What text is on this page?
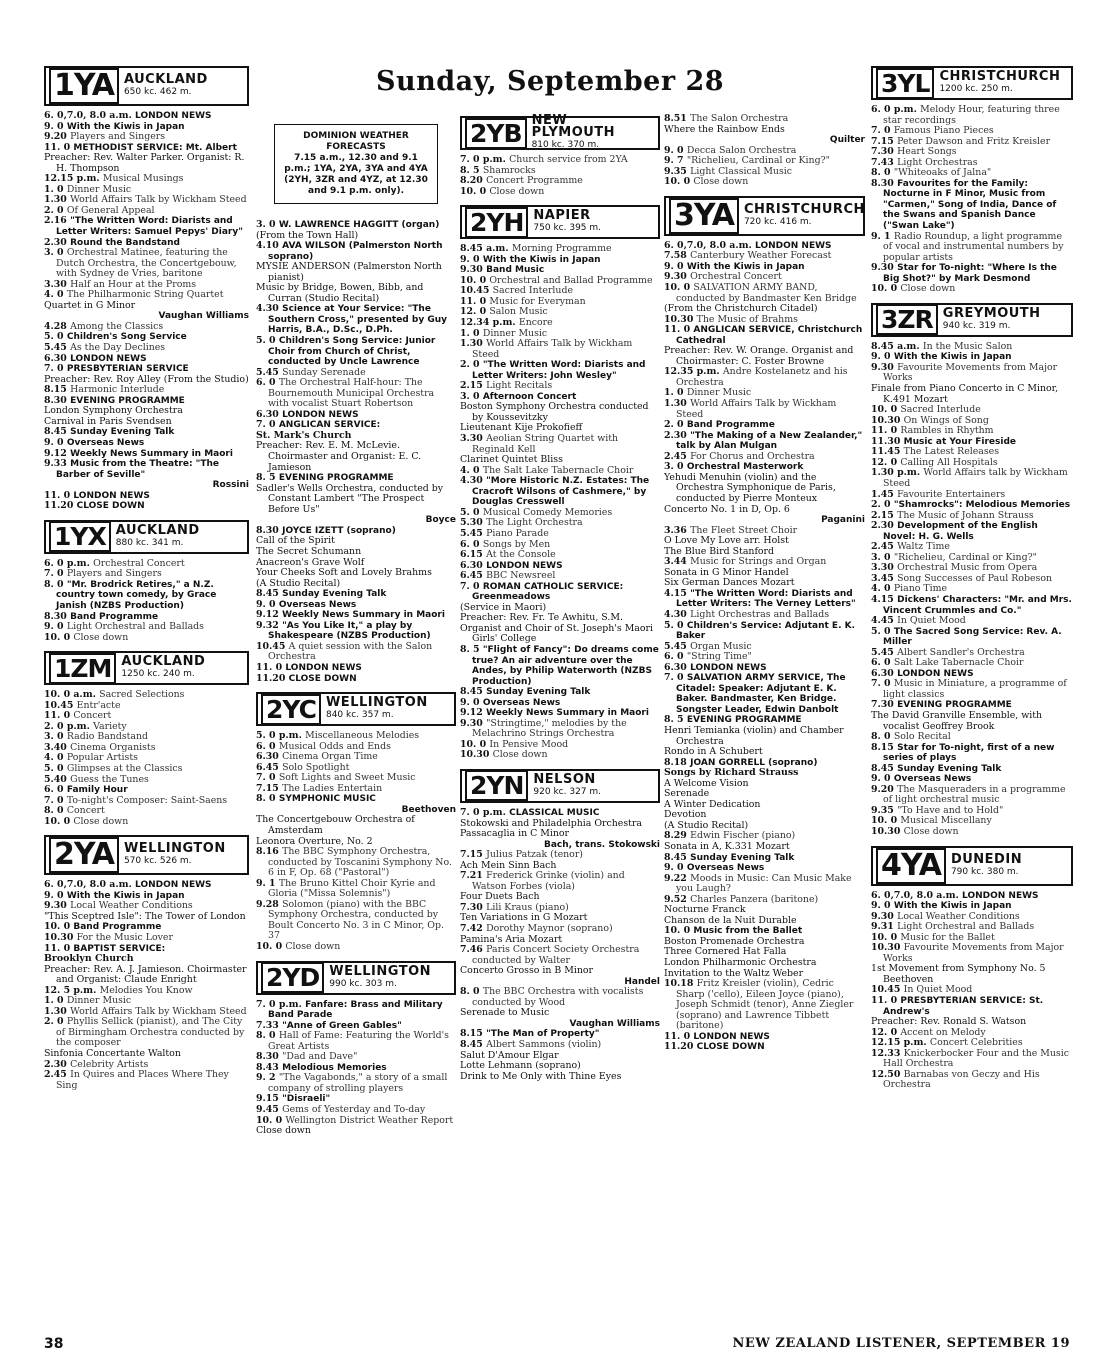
Sunday, September 28
1YA AUCKLAND
650 kc. 462 m.
6. 0,7.0, 8.0 a.m. LONDON NEWS
9. 0 With the Kiwis in Japan
9.20 Players and Singers
11. 0 METHODIST SERVICE: Mt. Albert
Preacher: Rev. Walter Parker. Organist: R. H. Thompson
12.15 p.m. Musical Musings
1. 0 Dinner Music
1.30 World Affairs Talk by Wickham Steed
2. 0 Of General Appeal
2.16 "The Written Word: Diarists and Letter Writers: Samuel Pepys' Diary"
2.30 Round the Bandstand
3. 0 Orchestral Matinee, featuring the Dutch Orchestra, the Concertgebouw, with Sydney de Vries, baritone
3.30 Half an Hour at the Proms
4. 0 The Philharmonic String Quartet
Quartet in G Minor
Vaughan Williams
4.28 Among the Classics
5. 0 Children's Song Service
5.45 As the Day Declines
6.30 LONDON NEWS
7. 0 PRESBYTERIAN SERVICE
Preacher: Rev. Roy Alley (From the Studio)
8.15 Harmonic Interlude
8.30 EVENING PROGRAMME
London Symphony Orchestra
Carnival in Paris Svendsen
8.45 Sunday Evening Talk
9. 0 Overseas News
9.12 Weekly News Summary in Maori
9.33 Music from the Theatre: "The Barber of Seville"
Rossini
11. 0 LONDON NEWS
11.20 CLOSE DOWN
1YX AUCKLAND
880 kc. 341 m.
6. 0 p.m. Orchestral Concert
7. 0 Players and Singers
8. 0 "Mr. Brodrick Retires," a N.Z. country town comedy, by Grace Janish (NZBS Production)
8.30 Band Programme
9. 0 Light Orchestral and Ballads
10. 0 Close down
1ZM AUCKLAND
1250 kc. 240 m.
10. 0 a.m. Sacred Selections
10.45 Entr'acte
11. 0 Concert
2. 0 p.m. Variety
3. 0 Radio Bandstand
3.40 Cinema Organists
4. 0 Popular Artists
5. 0 Glimpses at the Classics
5.40 Guess the Tunes
6. 0 Family Hour
7. 0 To-night's Composer: Saint-Saens
8. 0 Concert
10. 0 Close down
2YA WELLINGTON
570 kc. 526 m.
6. 0,7.0, 8.0 a.m. LONDON NEWS
9. 0 With the Kiwis in Japan
9.30 Local Weather Conditions
"This Sceptred Isle": The Tower of London
10. 0 Band Programme
10.30 For the Music Lover
11. 0 BAPTIST SERVICE:
Brooklyn Church
Preacher: Rev. A. J. Jamieson. Choirmaster and Organist: Claude Enright
12. 5 p.m. Melodies You Know
1. 0 Dinner Music
1.30 World Affairs Talk by Wickham Steed
2. 0 Phyllis Sellick (pianist), and The City of Birmingham Orchestra conducted by the composer
Sinfonia Concertante Walton
2.30 Celebrity Artists
2.45 In Quires and Places Where They Sing
DOMINION WEATHER FORECASTS
7.15 a.m., 12.30 and 9.1 p.m.; 1YA, 2YA, 3YA and 4YA (2YH, 3ZR and 4YZ, at 12.30 and 9.1 p.m. only).
3. 0 W. LAWRENCE HAGGITT (organ)
(From the Town Hall)
4.10 AVA WILSON (Palmerston North soprano)
MYSIE ANDERSON (Palmerston North pianist)
Music by Bridge, Bowen, Bibb, and Curran (Studio Recital)
4.30 Science at Your Service: "The Southern Cross," presented by Guy Harris, B.A., D.Sc., D.Ph.
5. 0 Children's Song Service: Junior Choir from Church of Christ, conducted by Uncle Lawrence
5.45 Sunday Serenade
6. 0 The Orchestral Half-hour: The Bournemouth Municipal Orchestra with vocalist Stuart Robertson
6.30 LONDON NEWS
7. 0 ANGLICAN SERVICE:
St. Mark's Church
Preacher: Rev. E. M. McLevie. Choirmaster and Organist: E. C. Jamieson
8. 5 EVENING PROGRAMME
Sadler's Wells Orchestra, conducted by Constant Lambert "The Prospect Before Us"
Boyce
8.30 JOYCE IZETT (soprano)
Call of the Spirit
The Secret Schumann
Anacreon's Grave Wolf
Your Cheeks Soft and Lovely Brahms
(A Studio Recital)
8.45 Sunday Evening Talk
9. 0 Overseas News
9.12 Weekly News Summary in Maori
9.32 "As You Like It," a play by Shakespeare (NZBS Production)
10.45 A quiet session with the Salon Orchestra
11. 0 LONDON NEWS
11.20 CLOSE DOWN
2YC WELLINGTON
840 kc. 357 m.
5. 0 p.m. Miscellaneous Melodies
6. 0 Musical Odds and Ends
6.30 Cinema Organ Time
6.45 Solo Spotlight
7. 0 Soft Lights and Sweet Music
7.15 The Ladies Entertain
8. 0 SYMPHONIC MUSIC
Beethoven
The Concertgebouw Orchestra of Amsterdam
Leonora Overture, No. 2
8.16 The BBC Symphony Orchestra, conducted by Toscanini Symphony No. 6 in F, Op. 68 ("Pastoral")
9. 1 The Bruno Kittel Choir Kyrie and Gloria ("Missa Solemnis")
9.28 Solomon (piano) with the BBC Symphony Orchestra, conducted by Boult Concerto No. 3 in C Minor, Op. 37
10. 0 Close down
2YD WELLINGTON
990 kc. 303 m.
7. 0 p.m. Fanfare: Brass and Military Band Parade
7.33 "Anne of Green Gables"
8. 0 Hall of Fame: Featuring the World's Great Artists
8.30 "Dad and Dave"
8.43 Melodious Memories
9. 2 "The Vagabonds," a story of a small company of strolling players
9.15 "Disraeli"
9.45 Gems of Yesterday and To-day
10. 0 Wellington District Weather Report
Close down
2YB NEW PLYMOUTH
810 kc. 370 m.
7. 0 p.m. Church service from 2YA
8. 5 Shamrocks
8.20 Concert Programme
10. 0 Close down
2YH NAPIER
750 kc. 395 m.
8.45 a.m. Morning Programme
9. 0 With the Kiwis in Japan
9.30 Band Music
10. 0 Orchestral and Ballad Programme
10.45 Sacred Interlude
11. 0 Music for Everyman
12. 0 Salon Music
12.34 p.m. Encore
1. 0 Dinner Music
1.30 World Affairs Talk by Wickham Steed
2. 0 "The Written Word: Diarists and Letter Writers: John Wesley"
2.15 Light Recitals
3. 0 Afternoon Concert
Boston Symphony Orchestra conducted by Koussevitzky
Lieutenant Kije Prokofieff
3.30 Aeolian String Quartet with Reginald Kell
Clarinet Quintet Bliss
4. 0 The Salt Lake Tabernacle Choir
4.30 "More Historic N.Z. Estates: The Cracroft Wilsons of Cashmere," by Douglas Cresswell
5. 0 Musical Comedy Memories
5.30 The Light Orchestra
5.45 Piano Parade
6. 0 Songs by Men
6.15 At the Console
6.30 LONDON NEWS
6.45 BBC Newsreel
7. 0 ROMAN CATHOLIC SERVICE: Greenmeadows
(Service in Maori)
Preacher: Rev. Fr. Te Awhitu, S.M.
Organist and Choir of St. Joseph's Maori Girls' College
8. 5 "Flight of Fancy": Do dreams come true? An air adventure over the Andes, by Philip Waterworth (NZBS Production)
8.45 Sunday Evening Talk
9. 0 Overseas News
9.12 Weekly News Summary in Maori
9.30 "Stringtime," melodies by the Melachrino Strings Orchestra
10. 0 In Pensive Mood
10.30 Close down
2YN NELSON
920 kc. 327 m.
7. 0 p.m. CLASSICAL MUSIC
Stokowski and Philadelphia Orchestra
Passacaglia in C Minor
Bach, trans. Stokowski
7.15 Julius Patzak (tenor)
Ach Mein Sinn Bach
7.21 Frederick Grinke (violin) and Watson Forbes (viola)
Four Duets Bach
7.30 Lili Kraus (piano)
Ten Variations in G Mozart
7.42 Dorothy Maynor (soprano)
Pamina's Aria Mozart
7.46 Paris Concert Society Orchestra conducted by Walter
Concerto Grosso in B Minor
Handel
8. 0 The BBC Orchestra with vocalists conducted by Wood
Serenade to Music
Vaughan Williams
8.15 "The Man of Property"
8.45 Albert Sammons (violin)
Salut D'Amour Elgar
Lotte Lehmann (soprano)
Drink to Me Only with Thine Eyes
8.51 The Salon Orchestra
Where the Rainbow Ends
Quilter
9. 0 Decca Salon Orchestra
9. 7 "Richelieu, Cardinal or King?"
9.35 Light Classical Music
10. 0 Close down
3YA CHRISTCHURCH
720 kc. 416 m.
6. 0,7.0, 8.0 a.m. LONDON NEWS
7.58 Canterbury Weather Forecast
9. 0 With the Kiwis in Japan
9.30 Orchestral Concert
10. 0 SALVATION ARMY BAND, conducted by Bandmaster Ken Bridge
(From the Christchurch Citadel)
10.30 The Music of Brahms
11. 0 ANGLICAN SERVICE, Christchurch Cathedral
Preacher: Rev. W. Orange. Organist and Choirmaster: C. Foster Browne
12.35 p.m. Andre Kostelanetz and his Orchestra
1. 0 Dinner Music
1.30 World Affairs Talk by Wickham Steed
2. 0 Band Programme
2.30 "The Making of a New Zealander," talk by Alan Mulgan
2.45 For Chorus and Orchestra
3. 0 Orchestral Masterwork
Yehudi Menuhin (violin) and the Orchestra Symphonique de Paris, conducted by Pierre Monteux
Concerto No. 1 in D, Op. 6
Paganini
3.36 The Fleet Street Choir
O Love My Love arr. Holst
The Blue Bird Stanford
3.44 Music for Strings and Organ
Sonata in G Minor Handel
Six German Dances Mozart
4.15 "The Written Word: Diarists and Letter Writers: The Verney Letters"
4.30 Light Orchestras and Ballads
5. 0 Children's Service: Adjutant E. K. Baker
5.45 Organ Music
6. 0 "String Time"
6.30 LONDON NEWS
7. 0 SALVATION ARMY SERVICE, The Citadel: Speaker: Adjutant E. K. Baker. Bandmaster, Ken Bridge. Songster Leader, Edwin Danbolt
8. 5 EVENING PROGRAMME
Henri Temianka (violin) and Chamber Orchestra
Rondo in A Schubert
8.18 JOAN GORRELL (soprano)
Songs by Richard Strauss
A Welcome Vision
Serenade
A Winter Dedication
Devotion
(A Studio Recital)
8.29 Edwin Fischer (piano)
Sonata in A, K.331 Mozart
8.45 Sunday Evening Talk
9. 0 Overseas News
9.22 Moods in Music: Can Music Make you Laugh?
9.52 Charles Panzera (baritone)
Nocturne Franck
Chanson de la Nuit Durable
10. 0 Music from the Ballet
Boston Promenade Orchestra
Three Cornered Hat Falla
London Philharmonic Orchestra
Invitation to the Waltz Weber
10.18 Fritz Kreisler (violin), Cedric Sharp ('cello), Eileen Joyce (piano), Joseph Schmidt (tenor), Anne Ziegler (soprano) and Lawrence Tibbett (baritone)
11. 0 LONDON NEWS
11.20 CLOSE DOWN
3YL CHRISTCHURCH
1200 kc. 250 m.
6. 0 p.m. Melody Hour, featuring three star recordings
7. 0 Famous Piano Pieces
7.15 Peter Dawson and Fritz Kreisler
7.30 Heart Songs
7.43 Light Orchestras
8. 0 "Whiteoaks of Jalna"
8.30 Favourites for the Family: Nocturne in F Minor, Music from "Carmen," Song of India, Dance of the Swans and Spanish Dance ("Swan Lake")
9. 1 Radio Roundup, a light programme of vocal and instrumental numbers by popular artists
9.30 Star for To-night: "Where Is the Big Shot?" by Mark Desmond
10. 0 Close down
3ZR GREYMOUTH
940 kc. 319 m.
8.45 a.m. In the Music Salon
9. 0 With the Kiwis in Japan
9.30 Favourite Movements from Major Works
Finale from Piano Concerto in C Minor, K.491 Mozart
10. 0 Sacred Interlude
10.30 On Wings of Song
11. 0 Rambles in Rhythm
11.30 Music at Your Fireside
11.45 The Latest Releases
12. 0 Calling All Hospitals
1.30 p.m. World Affairs talk by Wickham Steed
1.45 Favourite Entertainers
2. 0 "Shamrocks": Melodious Memories
2.15 The Music of Johann Strauss
2.30 Development of the English Novel: H. G. Wells
2.45 Waltz Time
3. 0 "Richelieu, Cardinal or King?"
3.30 Orchestral Music from Opera
3.45 Song Successes of Paul Robeson
4. 0 Piano Time
4.15 Dickens' Characters: "Mr. and Mrs. Vincent Crummles and Co."
4.45 In Quiet Mood
5. 0 The Sacred Song Service: Rev. A. Miller
5.45 Albert Sandler's Orchestra
6. 0 Salt Lake Tabernacle Choir
6.30 LONDON NEWS
7. 0 Music in Miniature, a programme of light classics
7.30 EVENING PROGRAMME
The David Granville Ensemble, with vocalist Geoffrey Brook
8. 0 Solo Recital
8.15 Star for To-night, first of a new series of plays
8.45 Sunday Evening Talk
9. 0 Overseas News
9.20 The Masqueraders in a programme of light orchestral music
9.35 "To Have and to Hold"
10. 0 Musical Miscellany
10.30 Close down
4YA DUNEDIN
790 kc. 380 m.
6. 0,7.0, 8.0 a.m. LONDON NEWS
9. 0 With the Kiwis in Japan
9.30 Local Weather Conditions
9.31 Light Orchestral and Ballads
10. 0 Music for the Ballet
10.30 Favourite Movements from Major Works
1st Movement from Symphony No. 5 Beethoven
10.45 In Quiet Mood
11. 0 PRESBYTERIAN SERVICE: St. Andrew's
Preacher: Rev. Ronald S. Watson
12. 0 Accent on Melody
12.15 p.m. Concert Celebrities
12.33 Knickerbocker Four and the Music Hall Orchestra
12.50 Barnabas von Geczy and His Orchestra
38	NEW ZEALAND LISTENER, SEPTEMBER 19
